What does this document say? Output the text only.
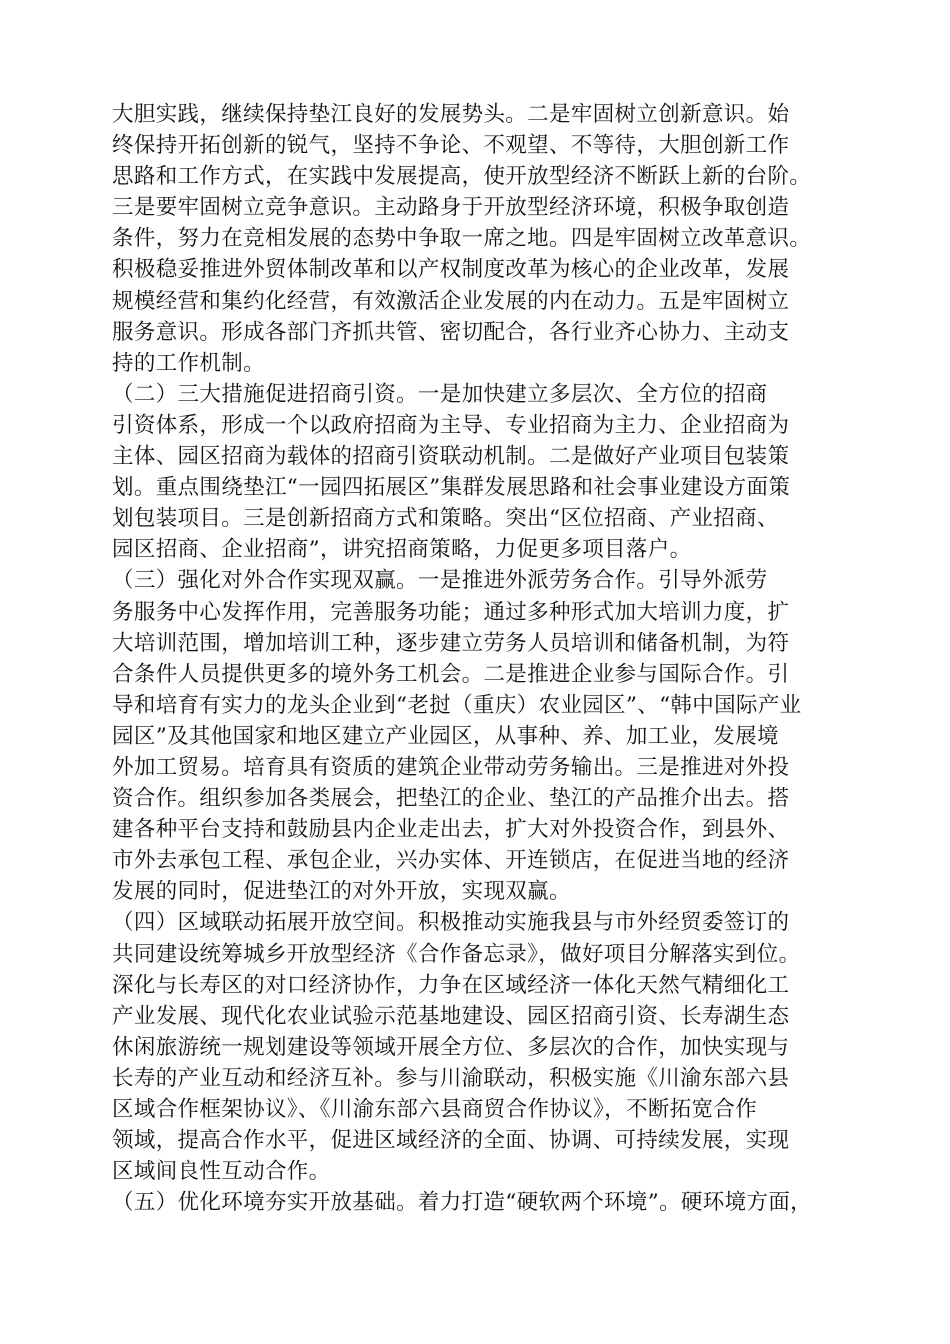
大胆实践，继续保持垫江良好的发展势头。二是牢固树立创新意识。始
终保持开拓创新的锐气，坚持不争论、不观望、不等待，大胆创新工作
思路和工作方式，在实践中发展提高，使开放型经济不断跃上新的台阶。
三是要牢固树立竞争意识。主动路身于开放型经济环境，积极争取创造
条件，努力在竞相发展的态势中争取一席之地。四是牢固树立改革意识。
积极稳妥推进外贸体制改革和以产权制度改革为核心的企业改革，发展
规模经营和集约化经营，有效激活企业发展的内在动力。五是牢固树立
服务意识。形成各部门齐抓共管、密切配合，各行业齐心协力、主动支
持的工作机制。
（二）三大措施促进招商引资。一是加快建立多层次、全方位的招商
引资体系，形成一个以政府招商为主导、专业招商为主力、企业招商为
主体、园区招商为载体的招商引资联动机制。二是做好产业项目包装策
划。重点围绕垫江“一园四拓展区”集群发展思路和社会事业建设方面策
划包装项目。三是创新招商方式和策略。突出“区位招商、产业招商、
园区招商、企业招商”，讲究招商策略，力促更多项目落户。
（三）强化对外合作实现双赢。一是推进外派劳务合作。引导外派劳
务服务中心发挥作用，完善服务功能；通过多种形式加大培训力度，扩
大培训范围，增加培训工种，逐步建立劳务人员培训和储备机制，为符
合条件人员提供更多的境外务工机会。二是推进企业参与国际合作。引
导和培育有实力的龙头企业到“老挝（重庆）农业园区”、“韩中国际产业
园区”及其他国家和地区建立产业园区，从事种、养、加工业，发展境
外加工贸易。培育具有资质的建筑企业带动劳务输出。三是推进对外投
资合作。组织参加各类展会，把垫江的企业、垫江的产品推介出去。搭
建各种平台支持和鼓励县内企业走出去，扩大对外投资合作，到县外、
市外去承包工程、承包企业，兴办实体、开连锁店，在促进当地的经济
发展的同时，促进垫江的对外开放，实现双赢。
（四）区域联动拓展开放空间。积极推动实施我县与市外经贸委签订的
共同建设统筹城乡开放型经济《合作备忘录》，做好项目分解落实到位。
深化与长寿区的对口经济协作，力争在区域经济一体化天然气精细化工
产业发展、现代化农业试验示范基地建设、园区招商引资、长寿湖生态
休闲旅游统一规划建设等领域开展全方位、多层次的合作，加快实现与
长寿的产业互动和经济互补。参与川渝联动，积极实施《川渝东部六县
区域合作框架协议》、《川渝东部六县商贸合作协议》，不断拓宽合作
领域，提高合作水平，促进区域经济的全面、协调、可持续发展，实现
区域间良性互动合作。
（五）优化环境夯实开放基础。着力打造“硬软两个环境”。硬环境方面，
